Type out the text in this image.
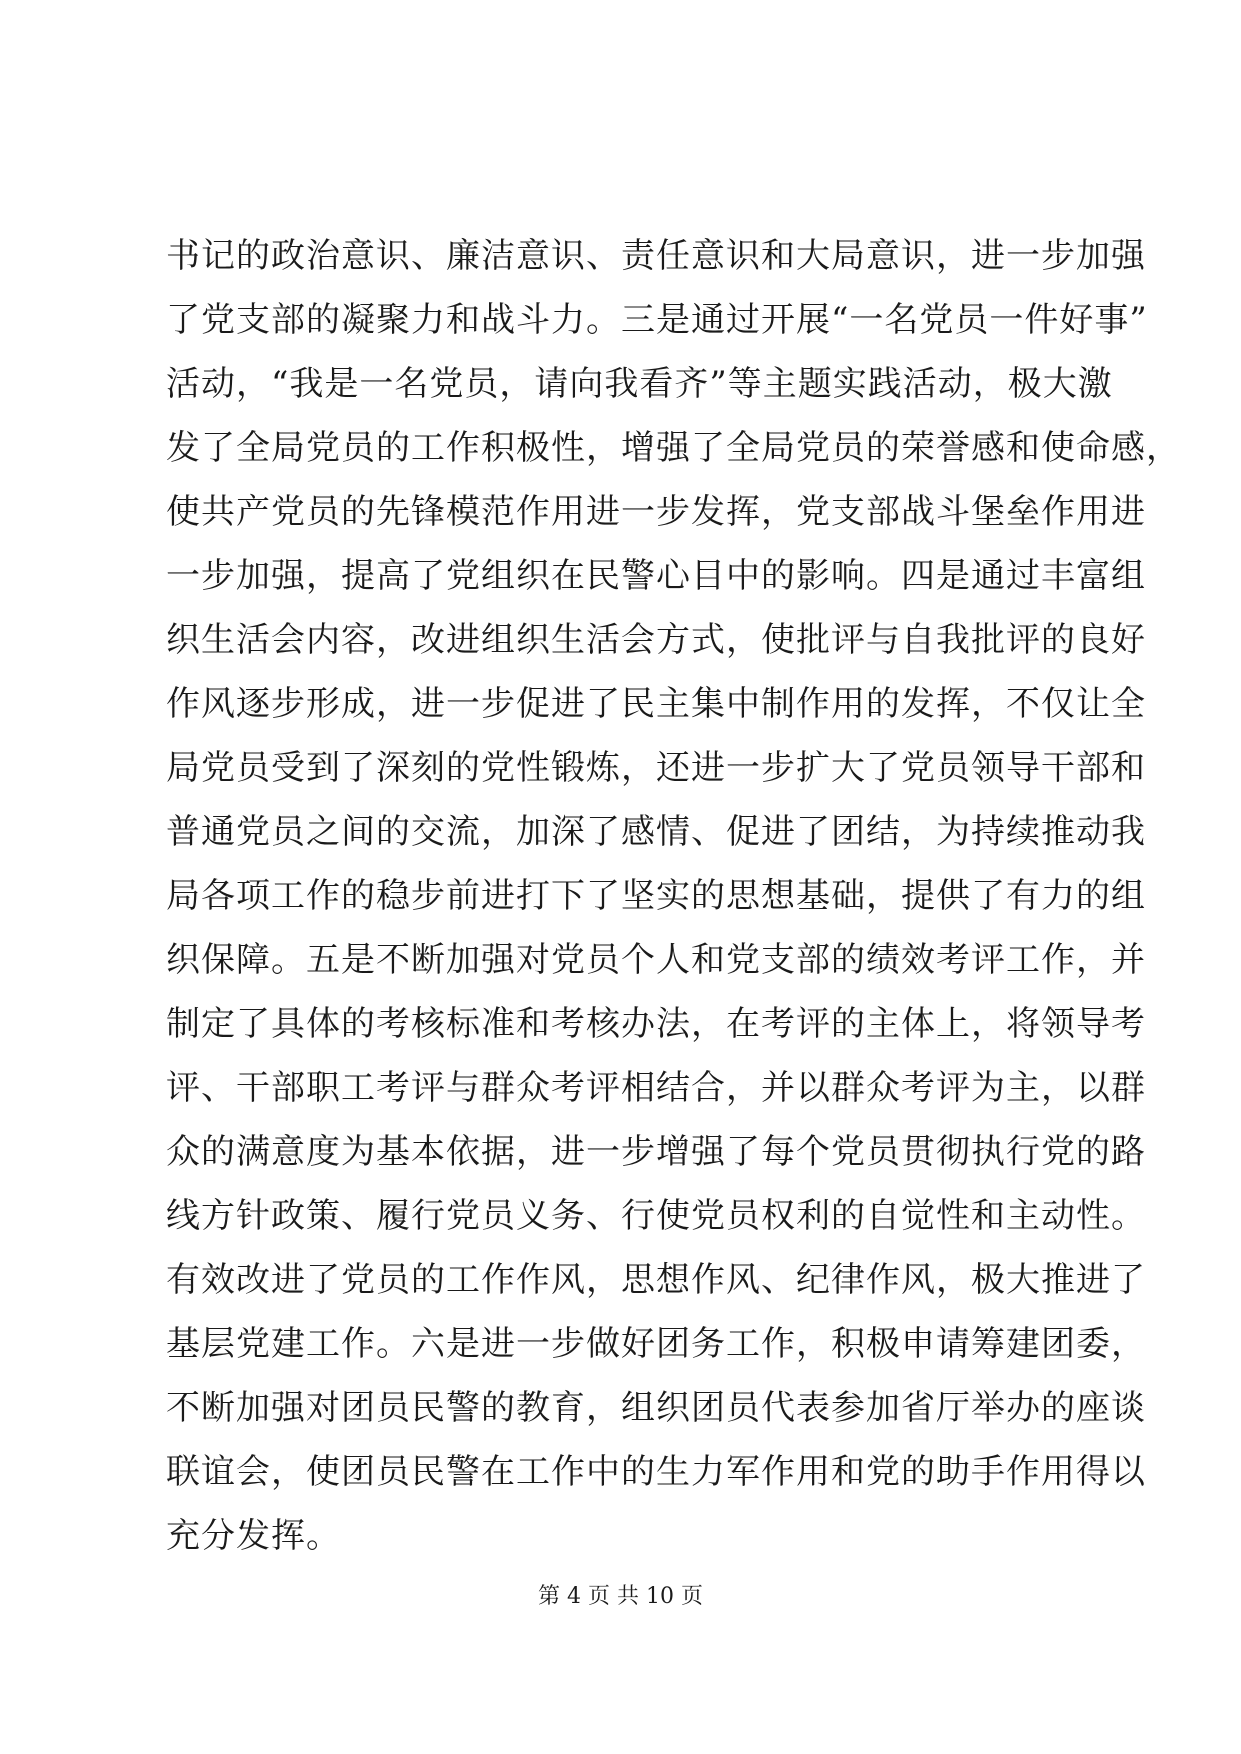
书记的政治意识、廉洁意识、责任意识和大局意识，进一步加强
了党支部的凝聚力和战斗力。三是通过开展“一名党员一件好事”
活动，“我是一名党员，请向我看齐”等主题实践活动，极大激
发了全局党员的工作积极性，增强了全局党员的荣誉感和使命感，
使共产党员的先锋模范作用进一步发挥，党支部战斗堡垒作用进
一步加强，提高了党组织在民警心目中的影响。四是通过丰富组
织生活会内容，改进组织生活会方式，使批评与自我批评的良好
作风逐步形成，进一步促进了民主集中制作用的发挥，不仅让全
局党员受到了深刻的党性锻炼，还进一步扩大了党员领导干部和
普通党员之间的交流，加深了感情、促进了团结，为持续推动我
局各项工作的稳步前进打下了坚实的思想基础，提供了有力的组
织保障。五是不断加强对党员个人和党支部的绩效考评工作，并
制定了具体的考核标准和考核办法，在考评的主体上，将领导考
评、干部职工考评与群众考评相结合，并以群众考评为主，以群
众的满意度为基本依据，进一步增强了每个党员贯彻执行党的路
线方针政策、履行党员义务、行使党员权利的自觉性和主动性。
有效改进了党员的工作作风，思想作风、纪律作风，极大推进了
基层党建工作。六是进一步做好团务工作，积极申请筹建团委，
不断加强对团员民警的教育，组织团员代表参加省厅举办的座谈
联谊会，使团员民警在工作中的生力军作用和党的助手作用得以
充分发挥。
第 4 页 共 10 页
